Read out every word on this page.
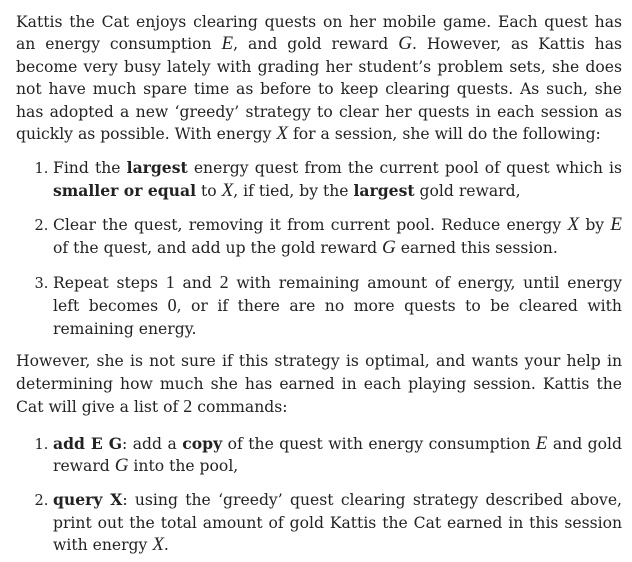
Kattis the Cat enjoys clearing quests on her mobile game. Each quest has an energy consumption E, and gold reward G. However, as Kattis has become very busy lately with grading her student’s problem sets, she does not have much spare time as before to keep clearing quests. As such, she has adopted a new ‘greedy’ strategy to clear her quests in each session as quickly as possible. With energy X for a session, she will do the following:

1. Find the largest energy quest from the current pool of quest which is smaller or equal to X, if tied, by the largest gold reward,
2. Clear the quest, removing it from current pool. Reduce energy X by E of the quest, and add up the gold reward G earned this session.
3. Repeat steps 1 and 2 with remaining amount of energy, until energy left becomes 0, or if there are no more quests to be cleared with remaining energy.

However, she is not sure if this strategy is optimal, and wants your help in determining how much she has earned in each playing session. Kattis the Cat will give a list of 2 commands:

1. add E G: add a copy of the quest with energy consumption E and gold reward G into the pool,
2. query X: using the ‘greedy’ quest clearing strategy described above, print out the total amount of gold Kattis the Cat earned in this session with energy X.
